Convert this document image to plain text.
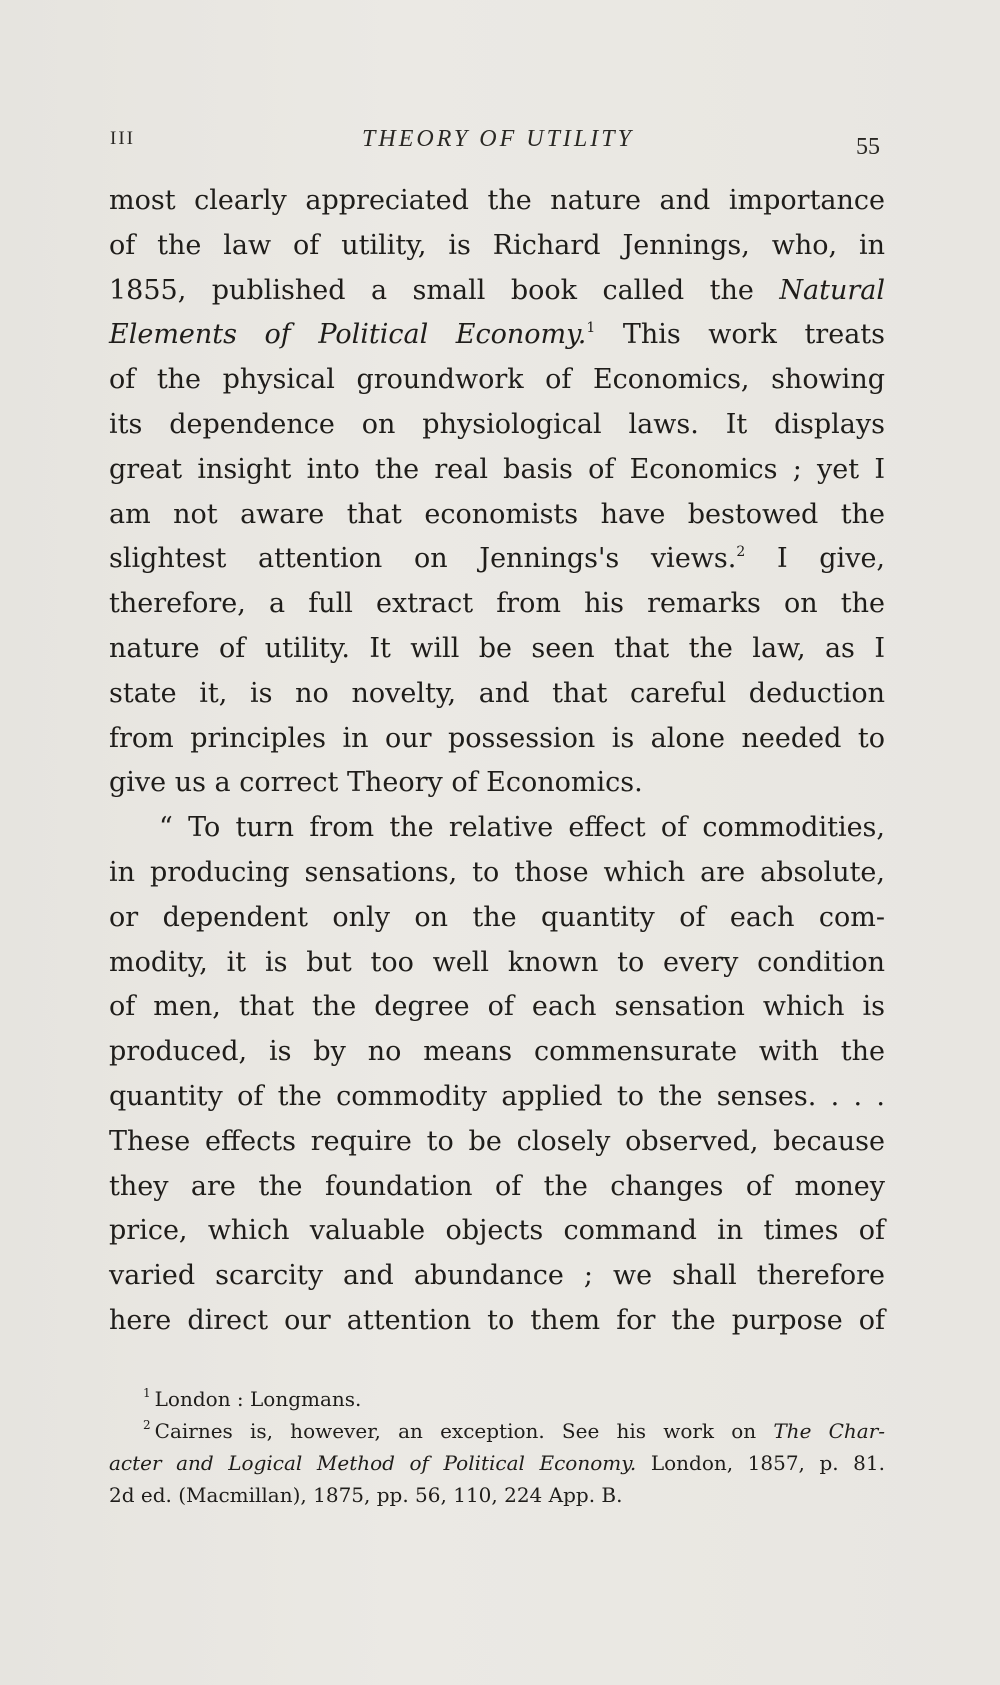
III	THEORY OF UTILITY	55
most clearly appreciated the nature and importance
of the law of utility, is Richard Jennings, who, in
1855, published a small book called the Natural
Elements of Political Economy.$^1$ This work treats
of the physical groundwork of Economics, showing
its dependence on physiological laws. It displays
great insight into the real basis of Economics ; yet I
am not aware that economists have bestowed the
slightest attention on Jennings's views.$^2$ I give,
therefore, a full extract from his remarks on the
nature of utility. It will be seen that the law, as I
state it, is no novelty, and that careful deduction
from principles in our possession is alone needed to
give us a correct Theory of Economics.
“ To turn from the relative effect of commodities,
in producing sensations, to those which are absolute,
or dependent only on the quantity of each com-
modity, it is but too well known to every condition
of men, that the degree of each sensation which is
produced, is by no means commensurate with the
quantity of the commodity applied to the senses. . . .
These effects require to be closely observed, because
they are the foundation of the changes of money
price, which valuable objects command in times of
varied scarcity and abundance ; we shall therefore
here direct our attention to them for the purpose of
$^1$ London : Longmans.
$^2$ Cairnes is, however, an exception. See his work on The Char-
acter and Logical Method of Political Economy. London, 1857, p. 81.
2d ed. (Macmillan), 1875, pp. 56, 110, 224 App. B.
